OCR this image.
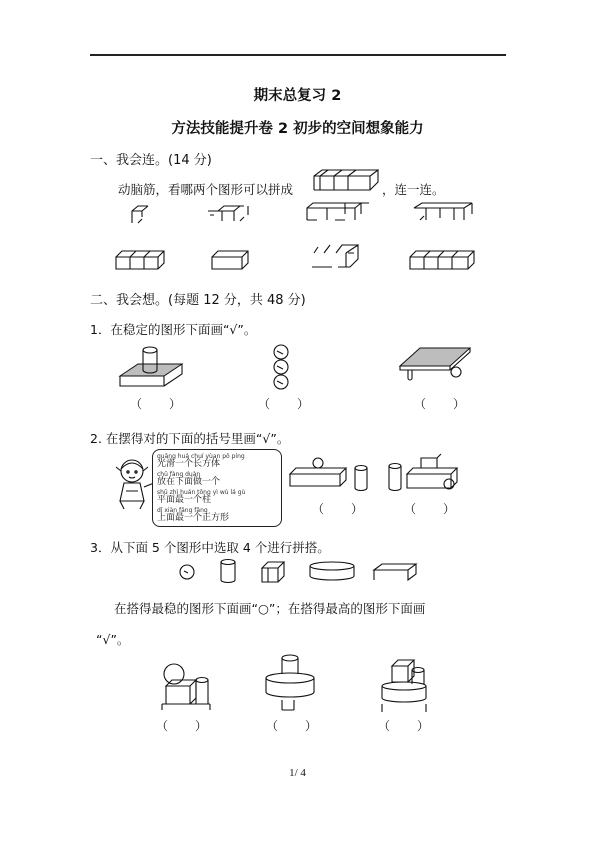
期末总复习 2
方法技能提升卷 2 初步的空间想象能力
一、我会连。(14 分)
动脑筋，看哪两个图形可以拼成	，连一连。
二、我会想。(每题 12 分，共 48 分)
1．在稳定的图形下面画“√”。
（　　）	（　　）	（　　）
2. 在摆得对的下面的括号里画“√”。
guāng huá chuí yùan pǒ píng
光滑一个长方体
chū fàng duàn
放在下面做一个
shū zhì huán tōng yì wù lá gù
平面最一个柱
dǐ xiàn fǎng fǎng
上面最一个正方形
（　　）	（　　）
3．从下面 5 个图形中选取 4 个进行拼搭。
在搭得最稳的图形下面画“○”；在搭得最高的图形下面画
“√”。
（　　）	（　　）	（　　）
1/ 4
